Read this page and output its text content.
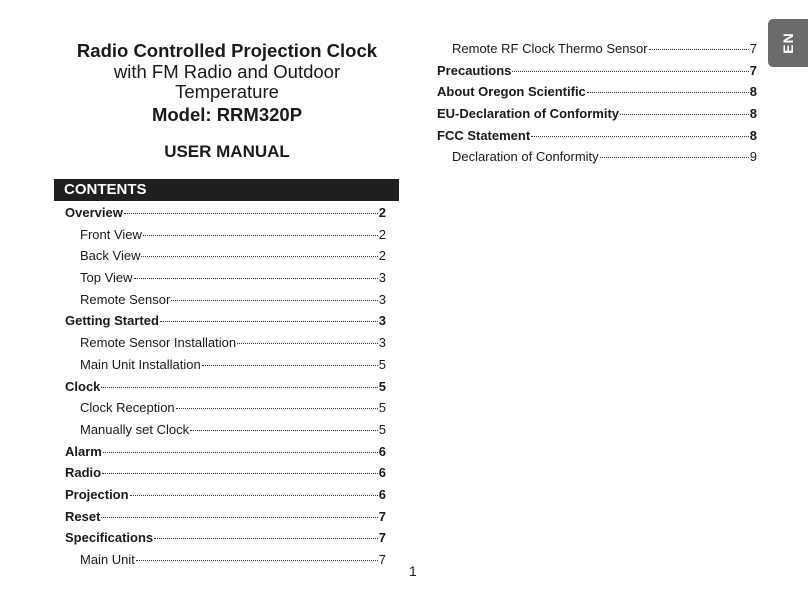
Radio Controlled Projection Clock
with FM Radio and Outdoor
Temperature
Model: RRM320P
USER MANUAL
CONTENTS
Overview	2
Front View	2
Back View	2
Top View	3
Remote Sensor	3
Getting Started	3
Remote Sensor Installation	3
Main Unit Installation	5
Clock	5
Clock Reception	5
Manually set Clock	5
Alarm	6
Radio	6
Projection	6
Reset	7
Specifications	7
Main Unit	7
Remote RF Clock Thermo Sensor	7
Precautions	7
About Oregon Scientific	8
EU-Declaration of Conformity	8
FCC Statement	8
Declaration of Conformity	9
EN
1
